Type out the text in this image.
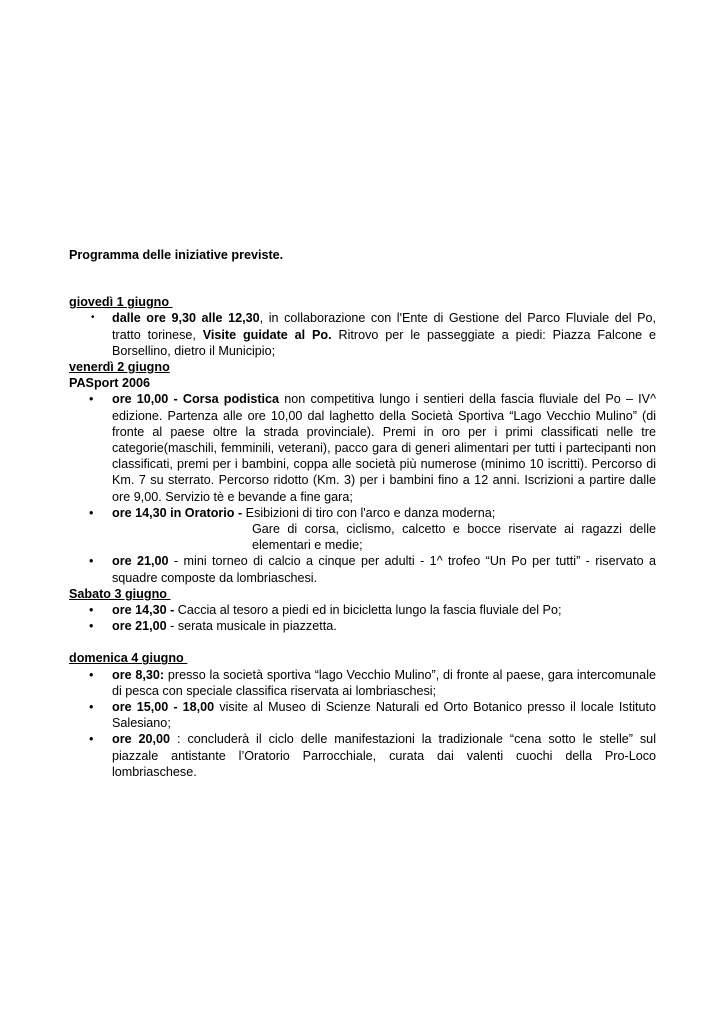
Programma delle iniziative previste.

giovedì 1 giugno

• dalle ore 9,30 alle 12,30, in collaborazione con l'Ente di Gestione del Parco Fluviale del Po, tratto torinese, Visite guidate al Po. Ritrovo per le passeggiate a piedi: Piazza Falcone e Borsellino, dietro il Municipio;

venerdì 2 giugno

PASport 2006

• ore 10,00 - Corsa podistica non competitiva lungo i sentieri della fascia fluviale del Po – IV^ edizione. Partenza alle ore 10,00 dal laghetto della Società Sportiva “Lago Vecchio Mulino” (di fronte al paese oltre la strada provinciale). Premi in oro per i primi classificati nelle tre categorie(maschili, femminili, veterani), pacco gara di generi alimentari per tutti i partecipanti non classificati, premi per i bambini, coppa alle società più numerose (minimo 10 iscritti). Percorso di Km. 7 su sterrato. Percorso ridotto (Km. 3) per i bambini fino a 12 anni. Iscrizioni a partire dalle ore 9,00. Servizio tè e bevande a fine gara;
• ore 14,30 in Oratorio - Esibizioni di tiro con l'arco e danza moderna;
Gare di corsa, ciclismo, calcetto e bocce riservate ai ragazzi delle elementari e medie;
• ore 21,00 - mini torneo di calcio a cinque per adulti - 1^ trofeo “Un Po per tutti” - riservato a squadre composte da lombriaschesi.

Sabato 3 giugno

• ore 14,30 - Caccia al tesoro a piedi ed in bicicletta lungo la fascia fluviale del Po;
• ore 21,00 - serata musicale in piazzetta.

domenica 4 giugno

• ore 8,30: presso la società sportiva “lago Vecchio Mulino”, di fronte al paese, gara intercomunale di pesca con speciale classifica riservata ai lombriaschesi;
• ore 15,00 - 18,00 visite al Museo di Scienze Naturali ed Orto Botanico presso il locale Istituto Salesiano;
• ore 20,00 : concluderà il ciclo delle manifestazioni la tradizionale “cena sotto le stelle” sul piazzale antistante l’Oratorio Parrocchiale, curata dai valenti cuochi della Pro-Loco lombriaschese.
